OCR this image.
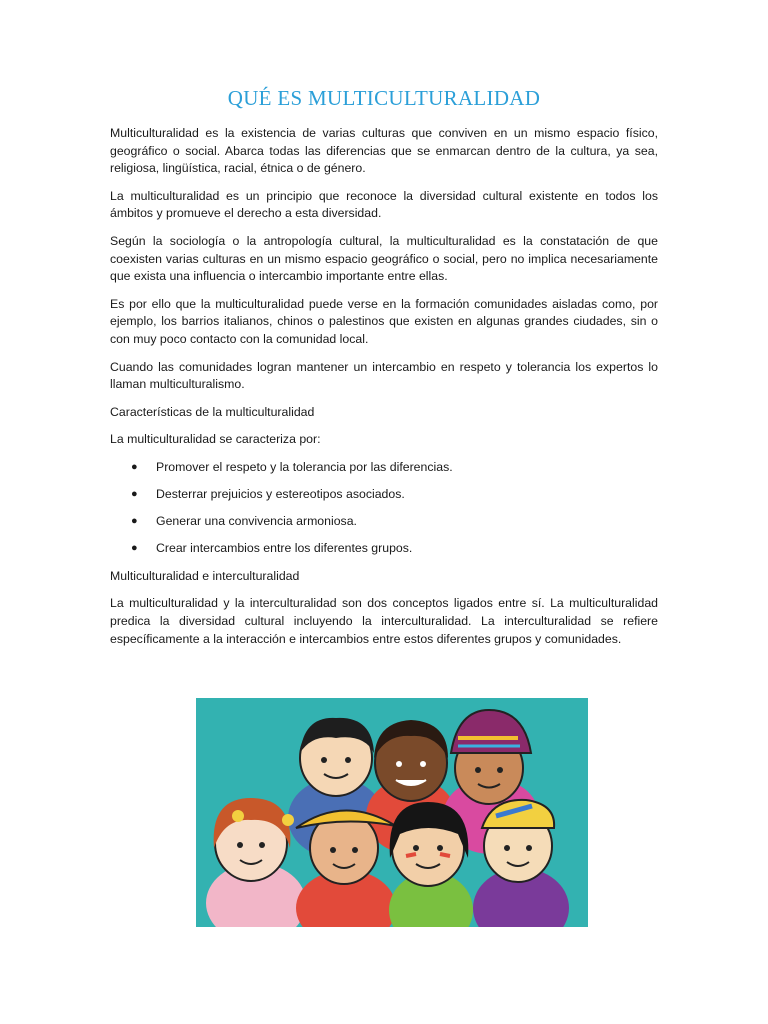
QUÉ ES MULTICULTURALIDAD

Multiculturalidad es la existencia de varias culturas que conviven en un mismo espacio físico, geográfico o social. Abarca todas las diferencias que se enmarcan dentro de la cultura, ya sea, religiosa, lingüística, racial, étnica o de género.

La multiculturalidad es un principio que reconoce la diversidad cultural existente en todos los ámbitos y promueve el derecho a esta diversidad.

Según la sociología o la antropología cultural, la multiculturalidad es la constatación de que coexisten varias culturas en un mismo espacio geográfico o social, pero no implica necesariamente que exista una influencia o intercambio importante entre ellas.

Es por ello que la multiculturalidad puede verse en la formación comunidades aisladas como, por ejemplo, los barrios italianos, chinos o palestinos que existen en algunas grandes ciudades, sin o con muy poco contacto con la comunidad local.

Cuando las comunidades logran mantener un intercambio en respeto y tolerancia los expertos lo llaman multiculturalismo.

Características de la multiculturalidad

La multiculturalidad se caracteriza por:

● Promover el respeto y la tolerancia por las diferencias.
● Desterrar prejuicios y estereotipos asociados.
● Generar una convivencia armoniosa.
● Crear intercambios entre los diferentes grupos.

Multiculturalidad e interculturalidad

La multiculturalidad y la interculturalidad son dos conceptos ligados entre sí. La multiculturalidad predica la diversidad cultural incluyendo la interculturalidad. La interculturalidad se refiere específicamente a la interacción e intercambios entre estos diferentes grupos y comunidades.
